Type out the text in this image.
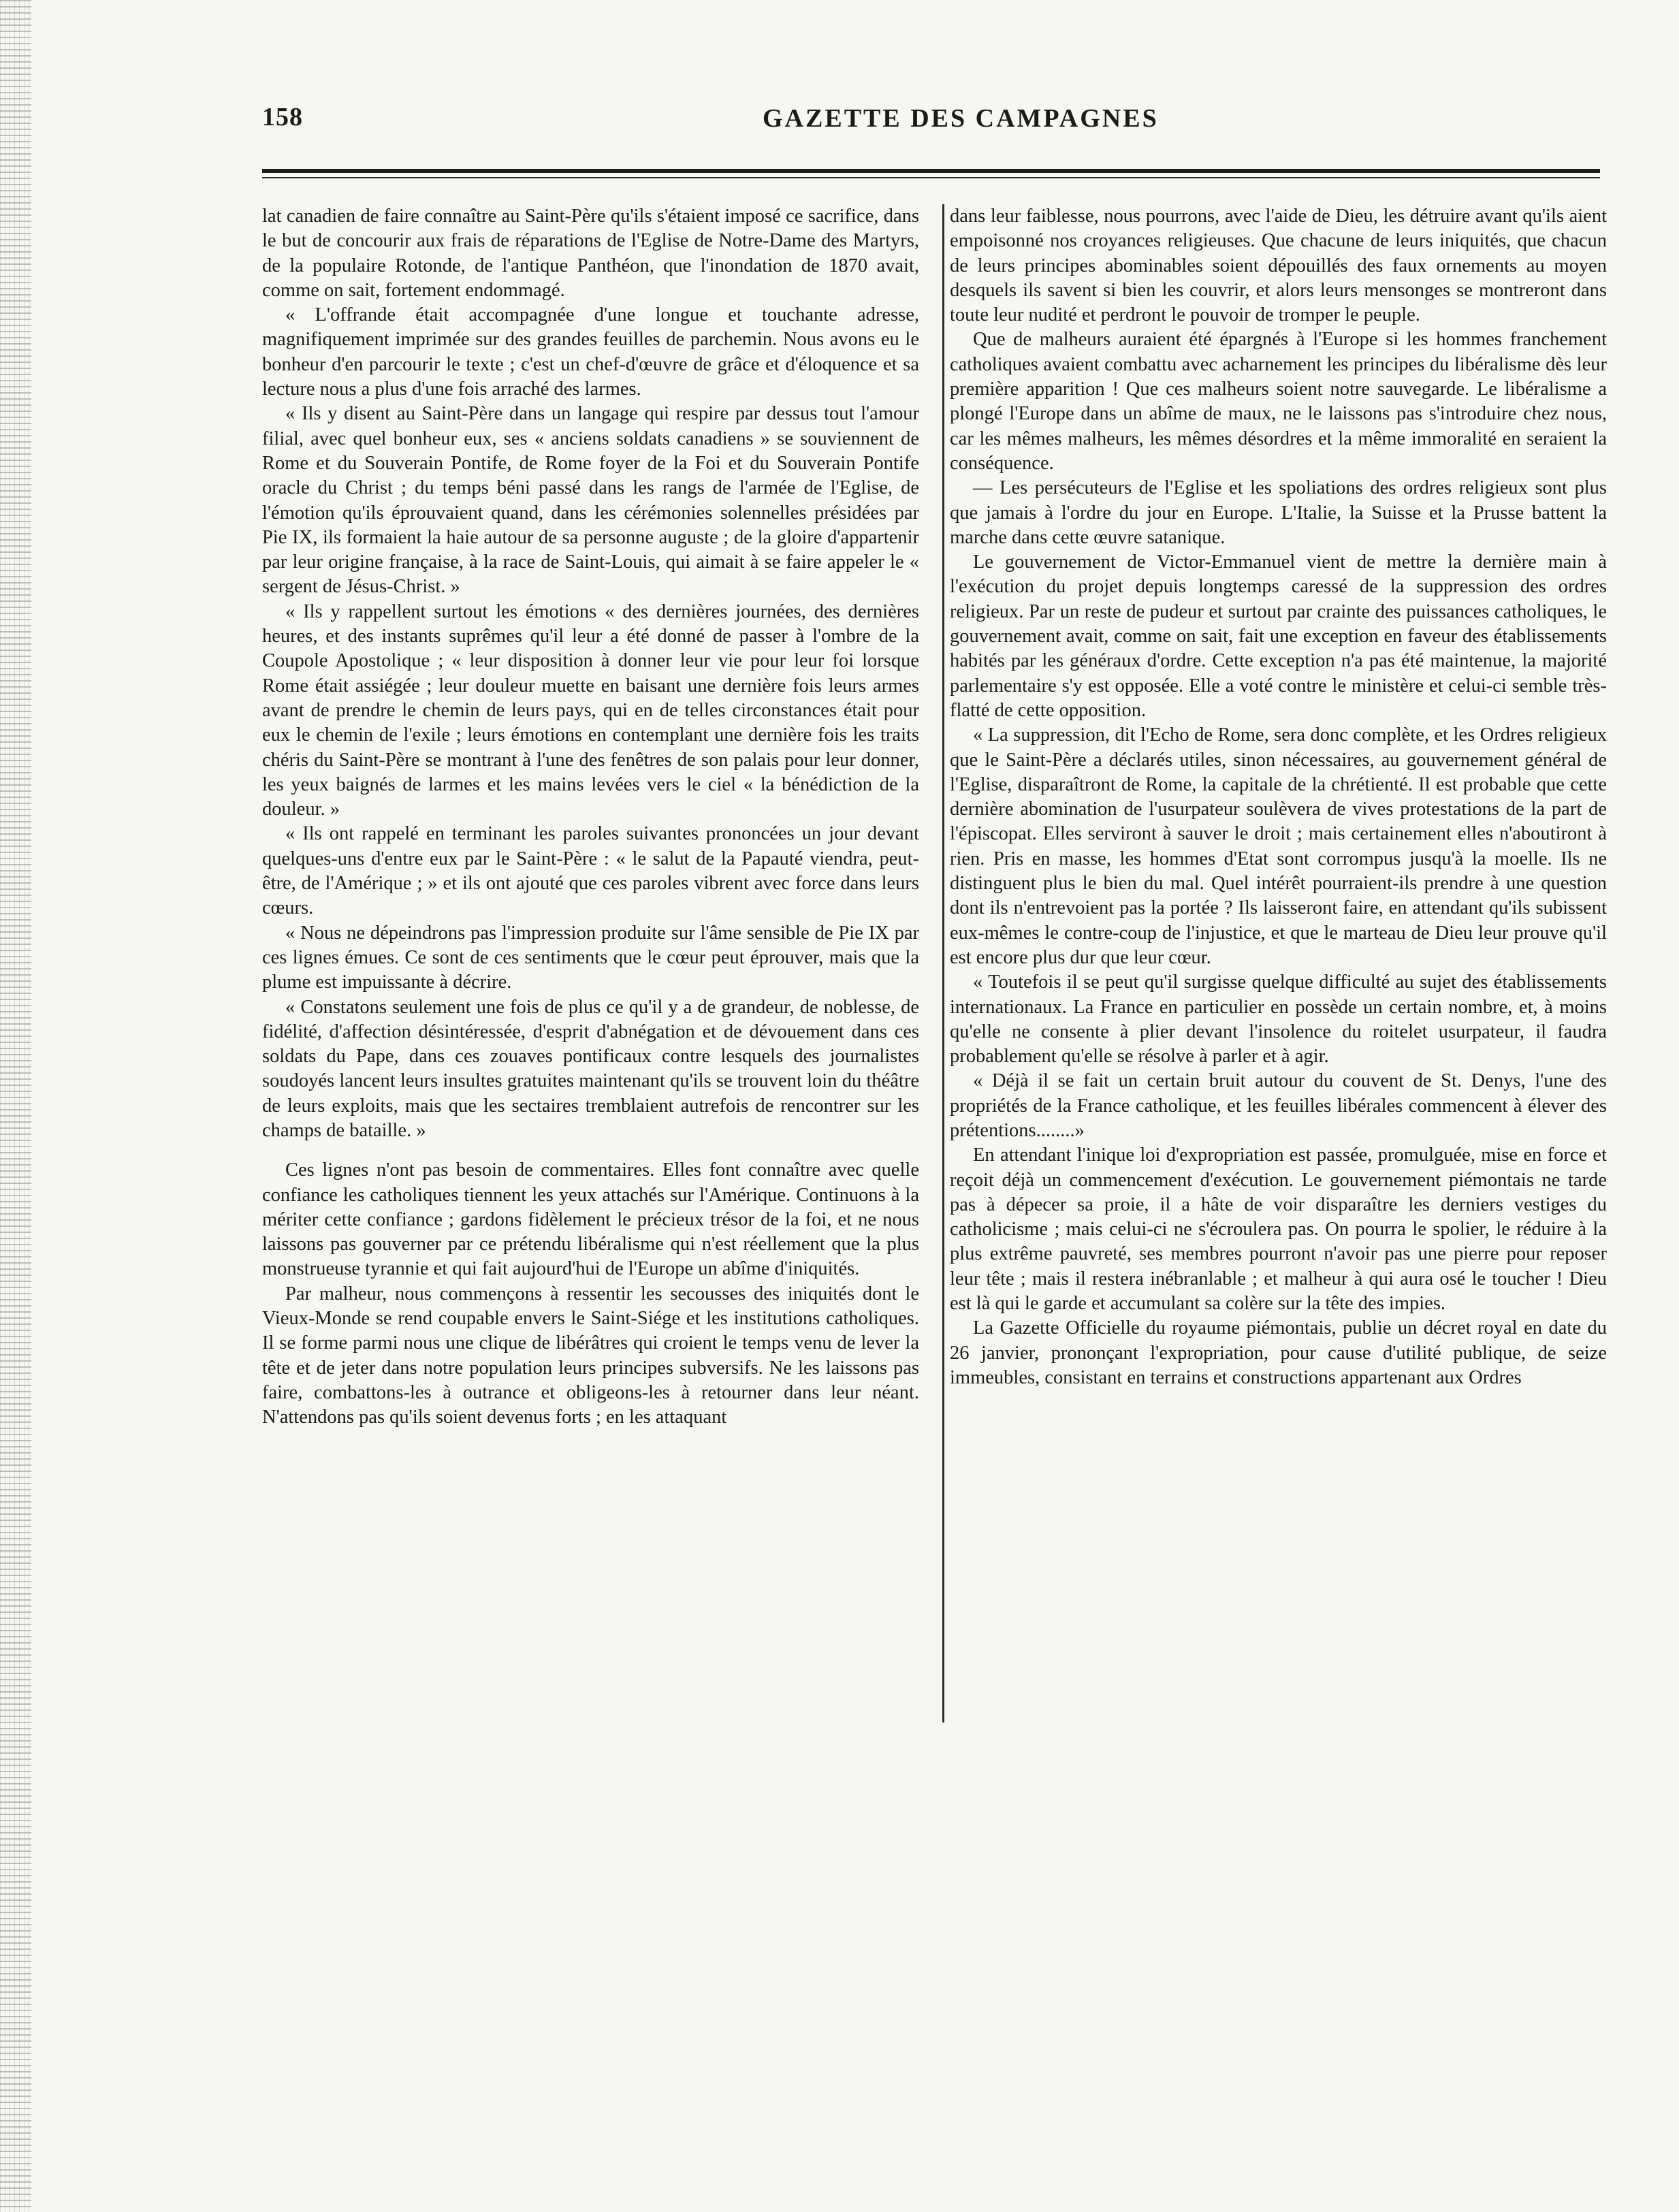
158	GAZETTE DES CAMPAGNES

lat canadien de faire connaître au Saint-Père qu'ils s'étaient imposé ce sacrifice, dans le but de concourir aux frais de réparations de l'Eglise de Notre-Dame des Martyrs, de la populaire Rotonde, de l'antique Panthéon, que l'inondation de 1870 avait, comme on sait, fortement endommagé.

« L'offrande était accompagnée d'une longue et touchante adresse, magnifiquement imprimée sur des grandes feuilles de parchemin. Nous avons eu le bonheur d'en parcourir le texte ; c'est un chef-d'œuvre de grâce et d'éloquence et sa lecture nous a plus d'une fois arraché des larmes.

« Ils y disent au Saint-Père dans un langage qui respire par dessus tout l'amour filial, avec quel bonheur eux, ses « anciens soldats canadiens » se souviennent de Rome et du Souverain Pontife, de Rome foyer de la Foi et du Souverain Pontife oracle du Christ ; du temps béni passé dans les rangs de l'armée de l'Eglise, de l'émotion qu'ils éprouvaient quand, dans les cérémonies solennelles présidées par Pie IX, ils formaient la haie autour de sa personne auguste ; de la gloire d'appartenir par leur origine française, à la race de Saint-Louis, qui aimait à se faire appeler le « sergent de Jésus-Christ. »

« Ils y rappellent surtout les émotions « des dernières journées, des dernières heures, et des instants suprêmes qu'il leur a été donné de passer à l'ombre de la Coupole Apostolique ; « leur disposition à donner leur vie pour leur foi lorsque Rome était assiégée ; leur douleur muette en baisant une dernière fois leurs armes avant de prendre le chemin de leurs pays, qui en de telles circonstances était pour eux le chemin de l'exile ; leurs émotions en contemplant une dernière fois les traits chéris du Saint-Père se montrant à l'une des fenêtres de son palais pour leur donner, les yeux baignés de larmes et les mains levées vers le ciel « la bénédiction de la douleur. »

« Ils ont rappelé en terminant les paroles suivantes prononcées un jour devant quelques-uns d'entre eux par le Saint-Père : « le salut de la Papauté viendra, peut-être, de l'Amérique ; » et ils ont ajouté que ces paroles vibrent avec force dans leurs cœurs.

« Nous ne dépeindrons pas l'impression produite sur l'âme sensible de Pie IX par ces lignes émues. Ce sont de ces sentiments que le cœur peut éprouver, mais que la plume est impuissante à décrire.

« Constatons seulement une fois de plus ce qu'il y a de grandeur, de noblesse, de fidélité, d'affection désintéressée, d'esprit d'abnégation et de dévouement dans ces soldats du Pape, dans ces zouaves pontificaux contre lesquels des journalistes soudoyés lancent leurs insultes gratuites maintenant qu'ils se trouvent loin du théâtre de leurs exploits, mais que les sectaires tremblaient autrefois de rencontrer sur les champs de bataille. »

Ces lignes n'ont pas besoin de commentaires. Elles font connaître avec quelle confiance les catholiques tiennent les yeux attachés sur l'Amérique. Continuons à la mériter cette confiance ; gardons fidèlement le précieux trésor de la foi, et ne nous laissons pas gouverner par ce prétendu libéralisme qui n'est réellement que la plus monstrueuse tyrannie et qui fait aujourd'hui de l'Europe un abîme d'iniquités.

Par malheur, nous commençons à ressentir les secousses des iniquités dont le Vieux-Monde se rend coupable envers le Saint-Siége et les institutions catholiques. Il se forme parmi nous une clique de libérâtres qui croient le temps venu de lever la tête et de jeter dans notre population leurs principes subversifs. Ne les laissons pas faire, combattons-les à outrance et obligeons-les à retourner dans leur néant. N'attendons pas qu'ils soient devenus forts ; en les attaquant

dans leur faiblesse, nous pourrons, avec l'aide de Dieu, les détruire avant qu'ils aient empoisonné nos croyances religieuses. Que chacune de leurs iniquités, que chacun de leurs principes abominables soient dépouillés des faux ornements au moyen desquels ils savent si bien les couvrir, et alors leurs mensonges se montreront dans toute leur nudité et perdront le pouvoir de tromper le peuple.

Que de malheurs auraient été épargnés à l'Europe si les hommes franchement catholiques avaient combattu avec acharnement les principes du libéralisme dès leur première apparition ! Que ces malheurs soient notre sauvegarde. Le libéralisme a plongé l'Europe dans un abîme de maux, ne le laissons pas s'introduire chez nous, car les mêmes malheurs, les mêmes désordres et la même immoralité en seraient la conséquence.

— Les persécuteurs de l'Eglise et les spoliations des ordres religieux sont plus que jamais à l'ordre du jour en Europe. L'Italie, la Suisse et la Prusse battent la marche dans cette œuvre satanique.

Le gouvernement de Victor-Emmanuel vient de mettre la dernière main à l'exécution du projet depuis longtemps caressé de la suppression des ordres religieux. Par un reste de pudeur et surtout par crainte des puissances catholiques, le gouvernement avait, comme on sait, fait une exception en faveur des établissements habités par les généraux d'ordre. Cette exception n'a pas été maintenue, la majorité parlementaire s'y est opposée. Elle a voté contre le ministère et celui-ci semble très-flatté de cette opposition.

« La suppression, dit l'Echo de Rome, sera donc complète, et les Ordres religieux que le Saint-Père a déclarés utiles, sinon nécessaires, au gouvernement général de l'Eglise, disparaîtront de Rome, la capitale de la chrétienté. Il est probable que cette dernière abomination de l'usurpateur soulèvera de vives protestations de la part de l'épiscopat. Elles serviront à sauver le droit ; mais certainement elles n'aboutiront à rien. Pris en masse, les hommes d'Etat sont corrompus jusqu'à la moelle. Ils ne distinguent plus le bien du mal. Quel intérêt pourraient-ils prendre à une question dont ils n'entrevoient pas la portée ? Ils laisseront faire, en attendant qu'ils subissent eux-mêmes le contre-coup de l'injustice, et que le marteau de Dieu leur prouve qu'il est encore plus dur que leur cœur.

« Toutefois il se peut qu'il surgisse quelque difficulté au sujet des établissements internationaux. La France en particulier en possède un certain nombre, et, à moins qu'elle ne consente à plier devant l'insolence du roitelet usurpateur, il faudra probablement qu'elle se résolve à parler et à agir.

« Déjà il se fait un certain bruit autour du couvent de St. Denys, l'une des propriétés de la France catholique, et les feuilles libérales commencent à élever des prétentions........»

En attendant l'inique loi d'expropriation est passée, promulguée, mise en force et reçoit déjà un commencement d'exécution. Le gouvernement piémontais ne tarde pas à dépecer sa proie, il a hâte de voir disparaître les derniers vestiges du catholicisme ; mais celui-ci ne s'écroulera pas. On pourra le spolier, le réduire à la plus extrême pauvreté, ses membres pourront n'avoir pas une pierre pour reposer leur tête ; mais il restera inébranlable ; et malheur à qui aura osé le toucher ! Dieu est là qui le garde et accumulant sa colère sur la tête des impies.

La Gazette Officielle du royaume piémontais, publie un décret royal en date du 26 janvier, prononçant l'expropriation, pour cause d'utilité publique, de seize immeubles, consistant en terrains et constructions appartenant aux Ordres
